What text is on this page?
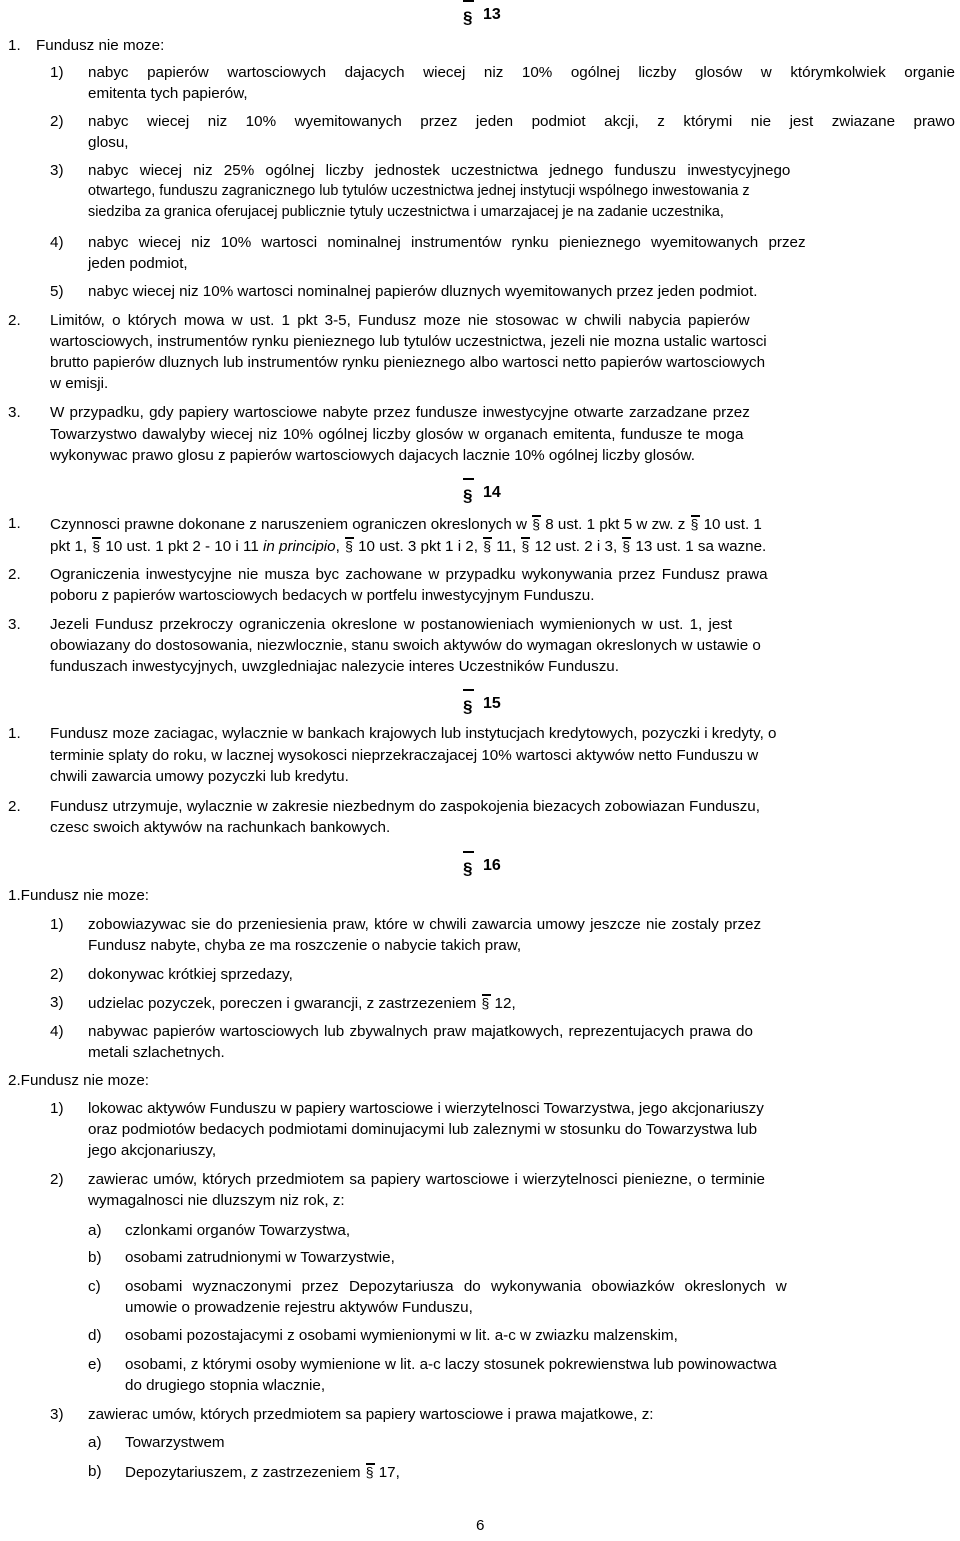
§ 13
1. Fundusz nie moze:
1) nabyc papierów wartosciowych dajacych wiecej niz 10% ogólnej liczby glosów w którymkolwiek organie
emitenta tych papierów,
2) nabyc wiecej niz 10% wyemitowanych przez jeden podmiot akcji, z którymi nie jest zwiazane prawo
glosu,
3) nabyc wiecej niz 25% ogólnej liczby jednostek uczestnictwa jednego funduszu inwestycyjnego
otwartego, funduszu zagranicznego lub tytulów uczestnictwa jednej instytucji wspólnego inwestowania z
siedziba za granica oferujacej publicznie tytuly uczestnictwa i umarzajacej je na zadanie uczestnika,
4) nabyc wiecej niz 10% wartosci nominalnej instrumentów rynku pienieznego wyemitowanych przez
jeden podmiot,
5) nabyc wiecej niz 10% wartosci nominalnej papierów dluznych wyemitowanych przez jeden podmiot.
2. Limitów, o których mowa w ust. 1 pkt 3-5, Fundusz moze nie stosowac w chwili nabycia papierów
wartosciowych, instrumentów rynku pienieznego lub tytulów uczestnictwa, jezeli nie mozna ustalic wartosci
brutto papierów dluznych lub instrumentów rynku pienieznego albo wartosci netto papierów wartosciowych
w emisji.
3. W przypadku, gdy papiery wartosciowe nabyte przez fundusze inwestycyjne otwarte zarzadzane przez
Towarzystwo dawalyby wiecej niz 10% ogólnej liczby glosów w organach emitenta, fundusze te moga
wykonywac prawo glosu z papierów wartosciowych dajacych lacznie 10% ogólnej liczby glosów.
§ 14
1. Czynnosci prawne dokonane z naruszeniem ograniczen okreslonych w § 8 ust. 1 pkt 5 w zw. z § 10 ust. 1
pkt 1, § 10 ust. 1 pkt 2 - 10 i 11 in principio, § 10 ust. 3 pkt 1 i 2, § 11, § 12 ust. 2 i 3, § 13 ust. 1 sa wazne.
2. Ograniczenia inwestycyjne nie musza byc zachowane w przypadku wykonywania przez Fundusz prawa
poboru z papierów wartosciowych bedacych w portfelu inwestycyjnym Funduszu.
3. Jezeli Fundusz przekroczy ograniczenia okreslone w postanowieniach wymienionych w ust. 1, jest
obowiazany do dostosowania, niezwlocznie, stanu swoich aktywów do wymagan okreslonych w ustawie o
funduszach inwestycyjnych, uwzgledniajac nalezycie interes Uczestników Funduszu.
§ 15
1. Fundusz moze zaciagac, wylacznie w bankach krajowych lub instytucjach kredytowych, pozyczki i kredyty, o
terminie splaty do roku, w lacznej wysokosci nieprzekraczajacej 10% wartosci aktywów netto Funduszu w
chwili zawarcia umowy pozyczki lub kredytu.
2. Fundusz utrzymuje, wylacznie w zakresie niezbednym do zaspokojenia biezacych zobowiazan Funduszu,
czesc swoich aktywów na rachunkach bankowych.
§ 16
1.Fundusz nie moze:
1) zobowiazywac sie do przeniesienia praw, które w chwili zawarcia umowy jeszcze nie zostaly przez
Fundusz nabyte, chyba ze ma roszczenie o nabycie takich praw,
2) dokonywac krótkiej sprzedazy,
3) udzielac pozyczek, poreczen i gwarancji, z zastrzezeniem § 12,
4) nabywac papierów wartosciowych lub zbywalnych praw majatkowych, reprezentujacych prawa do
metali szlachetnych.
2.Fundusz nie moze:
1) lokowac aktywów Funduszu w papiery wartosciowe i wierzytelnosci Towarzystwa, jego akcjonariuszy
oraz podmiotów bedacych podmiotami dominujacymi lub zaleznymi w stosunku do Towarzystwa lub
jego akcjonariuszy,
2) zawierac umów, których przedmiotem sa papiery wartosciowe i wierzytelnosci pieniezne, o terminie
wymagalnosci nie dluzszym niz rok, z:
a) czlonkami organów Towarzystwa,
b) osobami zatrudnionymi w Towarzystwie,
c) osobami wyznaczonymi przez Depozytariusza do wykonywania obowiazków okreslonych w
umowie o prowadzenie rejestru aktywów Funduszu,
d) osobami pozostajacymi z osobami wymienionymi w lit. a-c w zwiazku malzenskim,
e) osobami, z którymi osoby wymienione w lit. a-c laczy stosunek pokrewienstwa lub powinowactwa
do drugiego stopnia wlacznie,
3) zawierac umów, których przedmiotem sa papiery wartosciowe i prawa majatkowe, z:
a) Towarzystwem
b) Depozytariuszem, z zastrzezeniem § 17,
6
